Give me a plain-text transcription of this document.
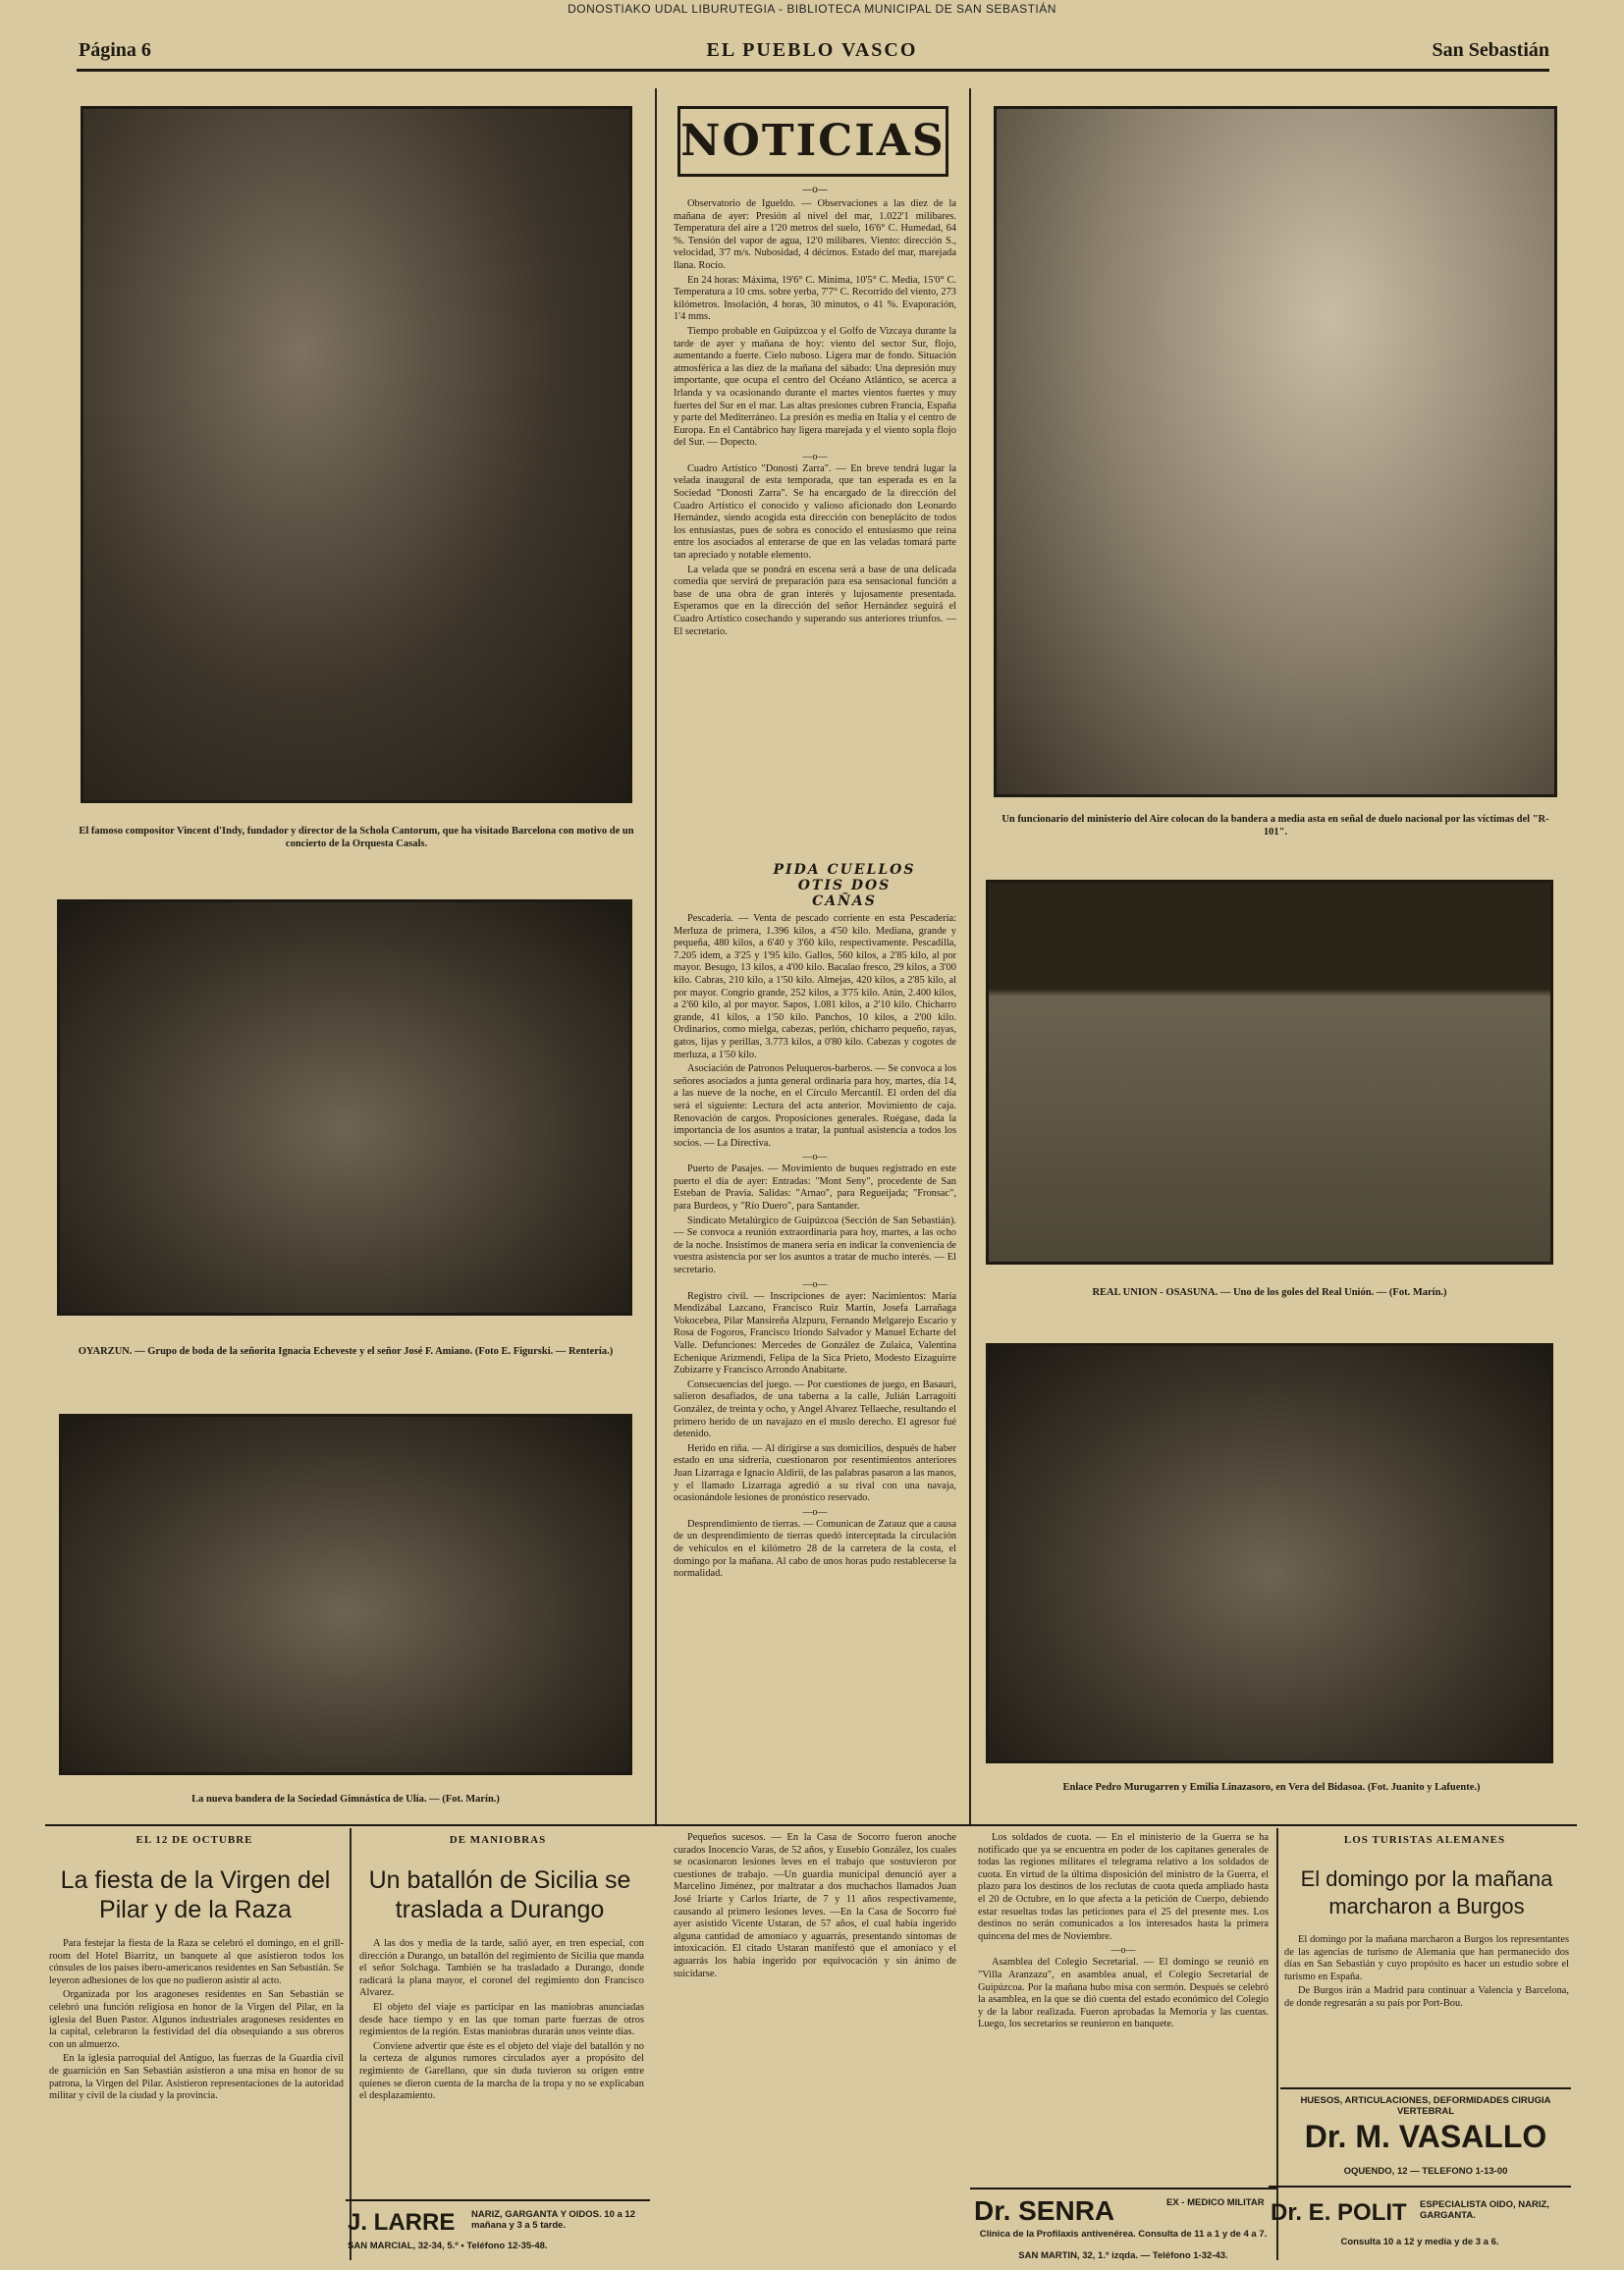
DONOSTIAKO UDAL LIBURUTEGIA - BIBLIOTECA MUNICIPAL DE SAN SEBASTIÁN
Página 6	EL PUEBLO VASCO	San Sebastián
El famoso compositor Vincent d'Indy, fundador y director de la Schola Cantorum, que ha visitado Barcelona con motivo de un concierto de la Orquesta Casals.
OYARZUN. — Grupo de boda de la señorita Ignacia Echeveste y el señor José F. Amiano. (Foto E. Figurski. — Rentería.)
La nueva bandera de la Sociedad Gimnástica de Ulía. — (Fot. Marín.)
NOTICIAS
—o—

Observatorio de Igueldo. — Observaciones a las diez de la mañana de ayer: Presión al nivel del mar, 1.022'1 milibares. Temperatura del aire a 1'20 metros del suelo, 16'6° C. Humedad, 64 %. Tensión del vapor de agua, 12'0 milibares. Viento: dirección S., velocidad, 3'7 m/s. Nubosidad, 4 décimos. Estado del mar, marejada llana. Rocío.

En 24 horas: Máxima, 19'6° C. Mínima, 10'5° C. Media, 15'0° C. Temperatura a 10 cms. sobre yerba, 7'7° C. Recorrido del viento, 273 kilómetros. Insolación, 4 horas, 30 minutos, o 41 %. Evaporación, 1'4 mms.

Tiempo probable en Guipúzcoa y el Golfo de Vizcaya durante la tarde de ayer y mañana de hoy: viento del sector Sur, flojo, aumentando a fuerte. Cielo nuboso. Ligera mar de fondo. Situación atmosférica a las diez de la mañana del sábado: Una depresión muy importante, que ocupa el centro del Océano Atlántico, se acerca a Irlanda y va ocasionando durante el martes vientos fuertes y muy fuertes del Sur en el mar. Las altas presiones cubren Francia, España y parte del Mediterráneo. La presión es media en Italia y el centro de Europa. En el Cantábrico hay ligera marejada y el viento sopla flojo del Sur. — Dopecto.

—o—

Cuadro Artístico "Donosti Zarra". — En breve tendrá lugar la velada inaugural de esta temporada, que tan esperada es en la Sociedad "Donosti Zarra". Se ha encargado de la dirección del Cuadro Artístico el conocido y valioso aficionado don Leonardo Hernández, siendo acogida esta dirección con beneplácito de todos los entusiastas, pues de sobra es conocido el entusiasmo que reina entre los asociados al enterarse de que en las veladas tomará parte tan apreciado y notable elemento.

La velada que se pondrá en escena será a base de una delicada comedia que servirá de preparación para esa sensacional función a base de una obra de gran interés y lujosamente presentada. Esperamos que en la dirección del señor Hernández seguirá el Cuadro Artístico cosechando y superando sus anteriores triunfos. — El secretario.

PIDA CUELLOS OTIS DOS CAÑAS

Pescadería. — Venta de pescado corriente en esta Pescadería: Merluza de primera, 1.396 kilos, a 4'50 kilo. Mediana, grande y pequeña, 480 kilos, a 6'40 y 3'60 kilo, respectivamente. Pescadilla, 7.205 idem, a 3'25 y 1'95 kilo. Gallos, 560 kilos, a 2'85 kilo, al por mayor. Besugo, 13 kilos, a 4'00 kilo. Bacalao fresco, 29 kilos, a 3'00 kilo. Cabras, 210 kilo, a 1'50 kilo. Almejas, 420 kilos, a 2'85 kilo, al por mayor. Congrio grande, 252 kilos, a 3'75 kilo. Atún, 2.400 kilos, a 2'60 kilo, al por mayor. Sapos, 1.081 kilos, a 2'10 kilo. Chicharro grande, 41 kilos, a 1'50 kilo. Panchos, 10 kilos, a 2'00 kilo. Ordinarios, como mielga, cabezas, perlón, chicharro pequeño, rayas, gatos, lijas y perillas, 3.773 kilos, a 0'80 kilo. Cabezas y cogotes de merluza, a 1'50 kilo.

Asociación de Patronos Peluqueros-barberos. — Se convoca a los señores asociados a junta general ordinaria para hoy, martes, día 14, a las nueve de la noche, en el Círculo Mercantil. El orden del día será el siguiente: Lectura del acta anterior. Movimiento de caja. Renovación de cargos. Proposiciones generales. Ruégase, dada la importancia de los asuntos a tratar, la puntual asistencia a todos los socios. — La Directiva.

—o—

Puerto de Pasajes. — Movimiento de buques registrado en este puerto el día de ayer: Entradas: "Mont Seny", procedente de San Esteban de Pravia. Salidas: "Arnao", para Regueijada; "Fronsac", para Burdeos, y "Río Duero", para Santander.

Sindicato Metalúrgico de Guipúzcoa (Sección de San Sebastián). — Se convoca a reunión extraordinaria para hoy, martes, a las ocho de la noche. Insistimos de manera seria en indicar la conveniencia de vuestra asistencia por ser los asuntos a tratar de mucho interés. — El secretario.

—o—

Registro civil. — Inscripciones de ayer: Nacimientos: María Mendizábal Lazcano, Francisco Ruiz Martín, Josefa Larrañaga Vokocebea, Pilar Mansireña Alzpuru, Fernando Melgarejo Escario y Rosa de Fogoros, Francisco Iriondo Salvador y Manuel Echarte del Valle. Defunciones: Mercedes de González de Zulaica, Valentina Echenique Arizmendi, Felipa de la Sica Prieto, Modesto Eizaguirre Zubizarre y Francisco Arrondo Anabitarte.

Consecuencias del juego. — Por cuestiones de juego, en Basauri, salieron desafiados, de una taberna a la calle, Julián Larragoiti González, de treinta y ocho, y Angel Alvarez Tellaeche, resultando el primero herido de un navajazo en el muslo derecho. El agresor fué detenido.

Herido en riña. — Al dirigirse a sus domicilios, después de haber estado en una sidrería, cuestionaron por resentimientos anteriores Juan Lizarraga e Ignacio Aldirii, de las palabras pasaron a las manos, y el llamado Lizarraga agredió a su rival con una navaja, ocasionándole lesiones de pronóstico reservado.

—o—

Desprendimiento de tierras. — Comunican de Zarauz que a causa de un desprendimiento de tierras quedó interceptada la circulación de vehículos en el kilómetro 28 de la carretera de la costa, el domingo por la mañana. Al cabo de unos horas pudo restablecerse la normalidad.

Un funcionario del ministerio del Aire colocan do la bandera a media asta en señal de duelo nacional por las víctimas del "R-101".
REAL UNION - OSASUNA. — Uno de los goles del Real Unión. — (Fot. Marín.)
Enlace Pedro Murugarren y Emilia Linazasoro, en Vera del Bidasoa. (Fot. Juanito y Lafuente.)
EL 12 DE OCTUBRE
La fiesta de la Virgen del Pilar y de la Raza

Para festejar la fiesta de la Raza se celebró el domingo, en el grill-room del Hotel Biarritz, un banquete al que asistieron todos los cónsules de los países ibero-americanos residentes en San Sebastián. Se leyeron adhesiones de los que no pudieron asistir al acto.

Organizada por los aragoneses residentes en San Sebastián se celebró una función religiosa en honor de la Virgen del Pilar, en la iglesia del Buen Pastor. Algunos industriales aragoneses residentes en la capital, celebraron la festividad del día obsequiando a sus obreros con un almuerzo.

En la iglesia parroquial del Antiguo, las fuerzas de la Guardia civil de guarnición en San Sebastián asistieron a una misa en honor de su patrona, la Virgen del Pilar. Asistieron representaciones de la autoridad militar y civil de la ciudad y la provincia.

DE MANIOBRAS
Un batallón de Sicilia se traslada a Durango

A las dos y media de la tarde, salió ayer, en tren especial, con dirección a Durango, un batallón del regimiento de Sicilia que manda el señor Solchaga. También se ha trasladado a Durango, donde radicará la plana mayor, el coronel del regimiento don Francisco Alvarez.

El objeto del viaje es participar en las maniobras anunciadas desde hace tiempo y en las que toman parte fuerzas de otros regimientos de la región. Estas maniobras durarán unos veinte días.

Conviene advertir que éste es el objeto del viaje del batallón y no la certeza de algunos rumores circulados ayer a propósito del regimiento de Garellano, que sin duda tuvieron su origen entre quienes se dieron cuenta de la marcha de la tropa y no se explicaban el desplazamiento.

J. LARRE NARIZ, GARGANTA Y OIDOS. 10 a 12 mañana y 3 a 5 tarde.
SAN MARCIAL, 32-34, 5.º • Teléfono 12-35-48.

Pequeños sucesos. — En la Casa de Socorro fueron anoche curados Inocencio Varas, de 52 años, y Eusebio González, los cuales se ocasionaron lesiones leves en el trabajo que sostuvieron por cuestiones de trabajo. —Un guardia municipal denunció ayer a Marcelino Jiménez, por maltratar a dos muchachos llamados Juan José Iriarte y Carlos Iriarte, de 7 y 11 años respectivamente, causando al primero lesiones leves. —En la Casa de Socorro fué ayer asistido Vicente Ustaran, de 57 años, el cual había ingerido alguna cantidad de amoníaco y aguarrás, presentando síntomas de intoxicación. El citado Ustaran manifestó que el amoníaco y el aguarrás los había ingerido por equivocación y sin ánimo de suicidarse.

Los soldados de cuota. — En el ministerio de la Guerra se ha notificado que ya se encuentra en poder de los capitanes generales de todas las regiones militares el telegrama relativo a los soldados de cuota. En virtud de la última disposición del ministro de la Guerra, el plazo para los destinos de los reclutas de cuota queda ampliado hasta el 20 de Octubre, en lo que afecta a la petición de Cuerpo, debiendo estar resueltas todas las peticiones para el 25 del presente mes. Los destinos no serán comunicados a los interesados hasta la primera quincena del mes de Noviembre.

—o—

Asamblea del Colegio Secretarial. — El domingo se reunió en "Villa Aranzazu", en asamblea anual, el Colegio Secretarial de Guipúzcoa. Por la mañana hubo misa con sermón. Después se celebró la asamblea, en la que se dió cuenta del estado económico del Colegio y de la labor realizada. Fueron aprobadas la Memoria y las cuentas. Luego, los secretarios se reunieron en banquete.

Dr. SENRA	EX - MEDICO MILITAR
Clínica de la Profilaxis antivenérea. Consulta de 11 a 1 y de 4 a 7.
SAN MARTIN, 32, 1.º izqda. — Teléfono 1-32-43.
LOS TURISTAS ALEMANES
El domingo por la mañana marcharon a Burgos

El domingo por la mañana marcharon a Burgos los representantes de las agencias de turismo de Alemania que han permanecido dos días en San Sebastián y cuyo propósito es hacer un estudio sobre el turismo en España.

De Burgos irán a Madrid para continuar a Valencia y Barcelona, de donde regresarán a su país por Port-Bou.

HUESOS, ARTICULACIONES, DEFORMIDADES CIRUGIA VERTEBRAL
Dr. M. VASALLO
OQUENDO, 12 — TELEFONO 1-13-00
Dr. E. POLIT ESPECIALISTA OIDO, NARIZ, GARGANTA.
Consulta 10 a 12 y media y de 3 a 6.
